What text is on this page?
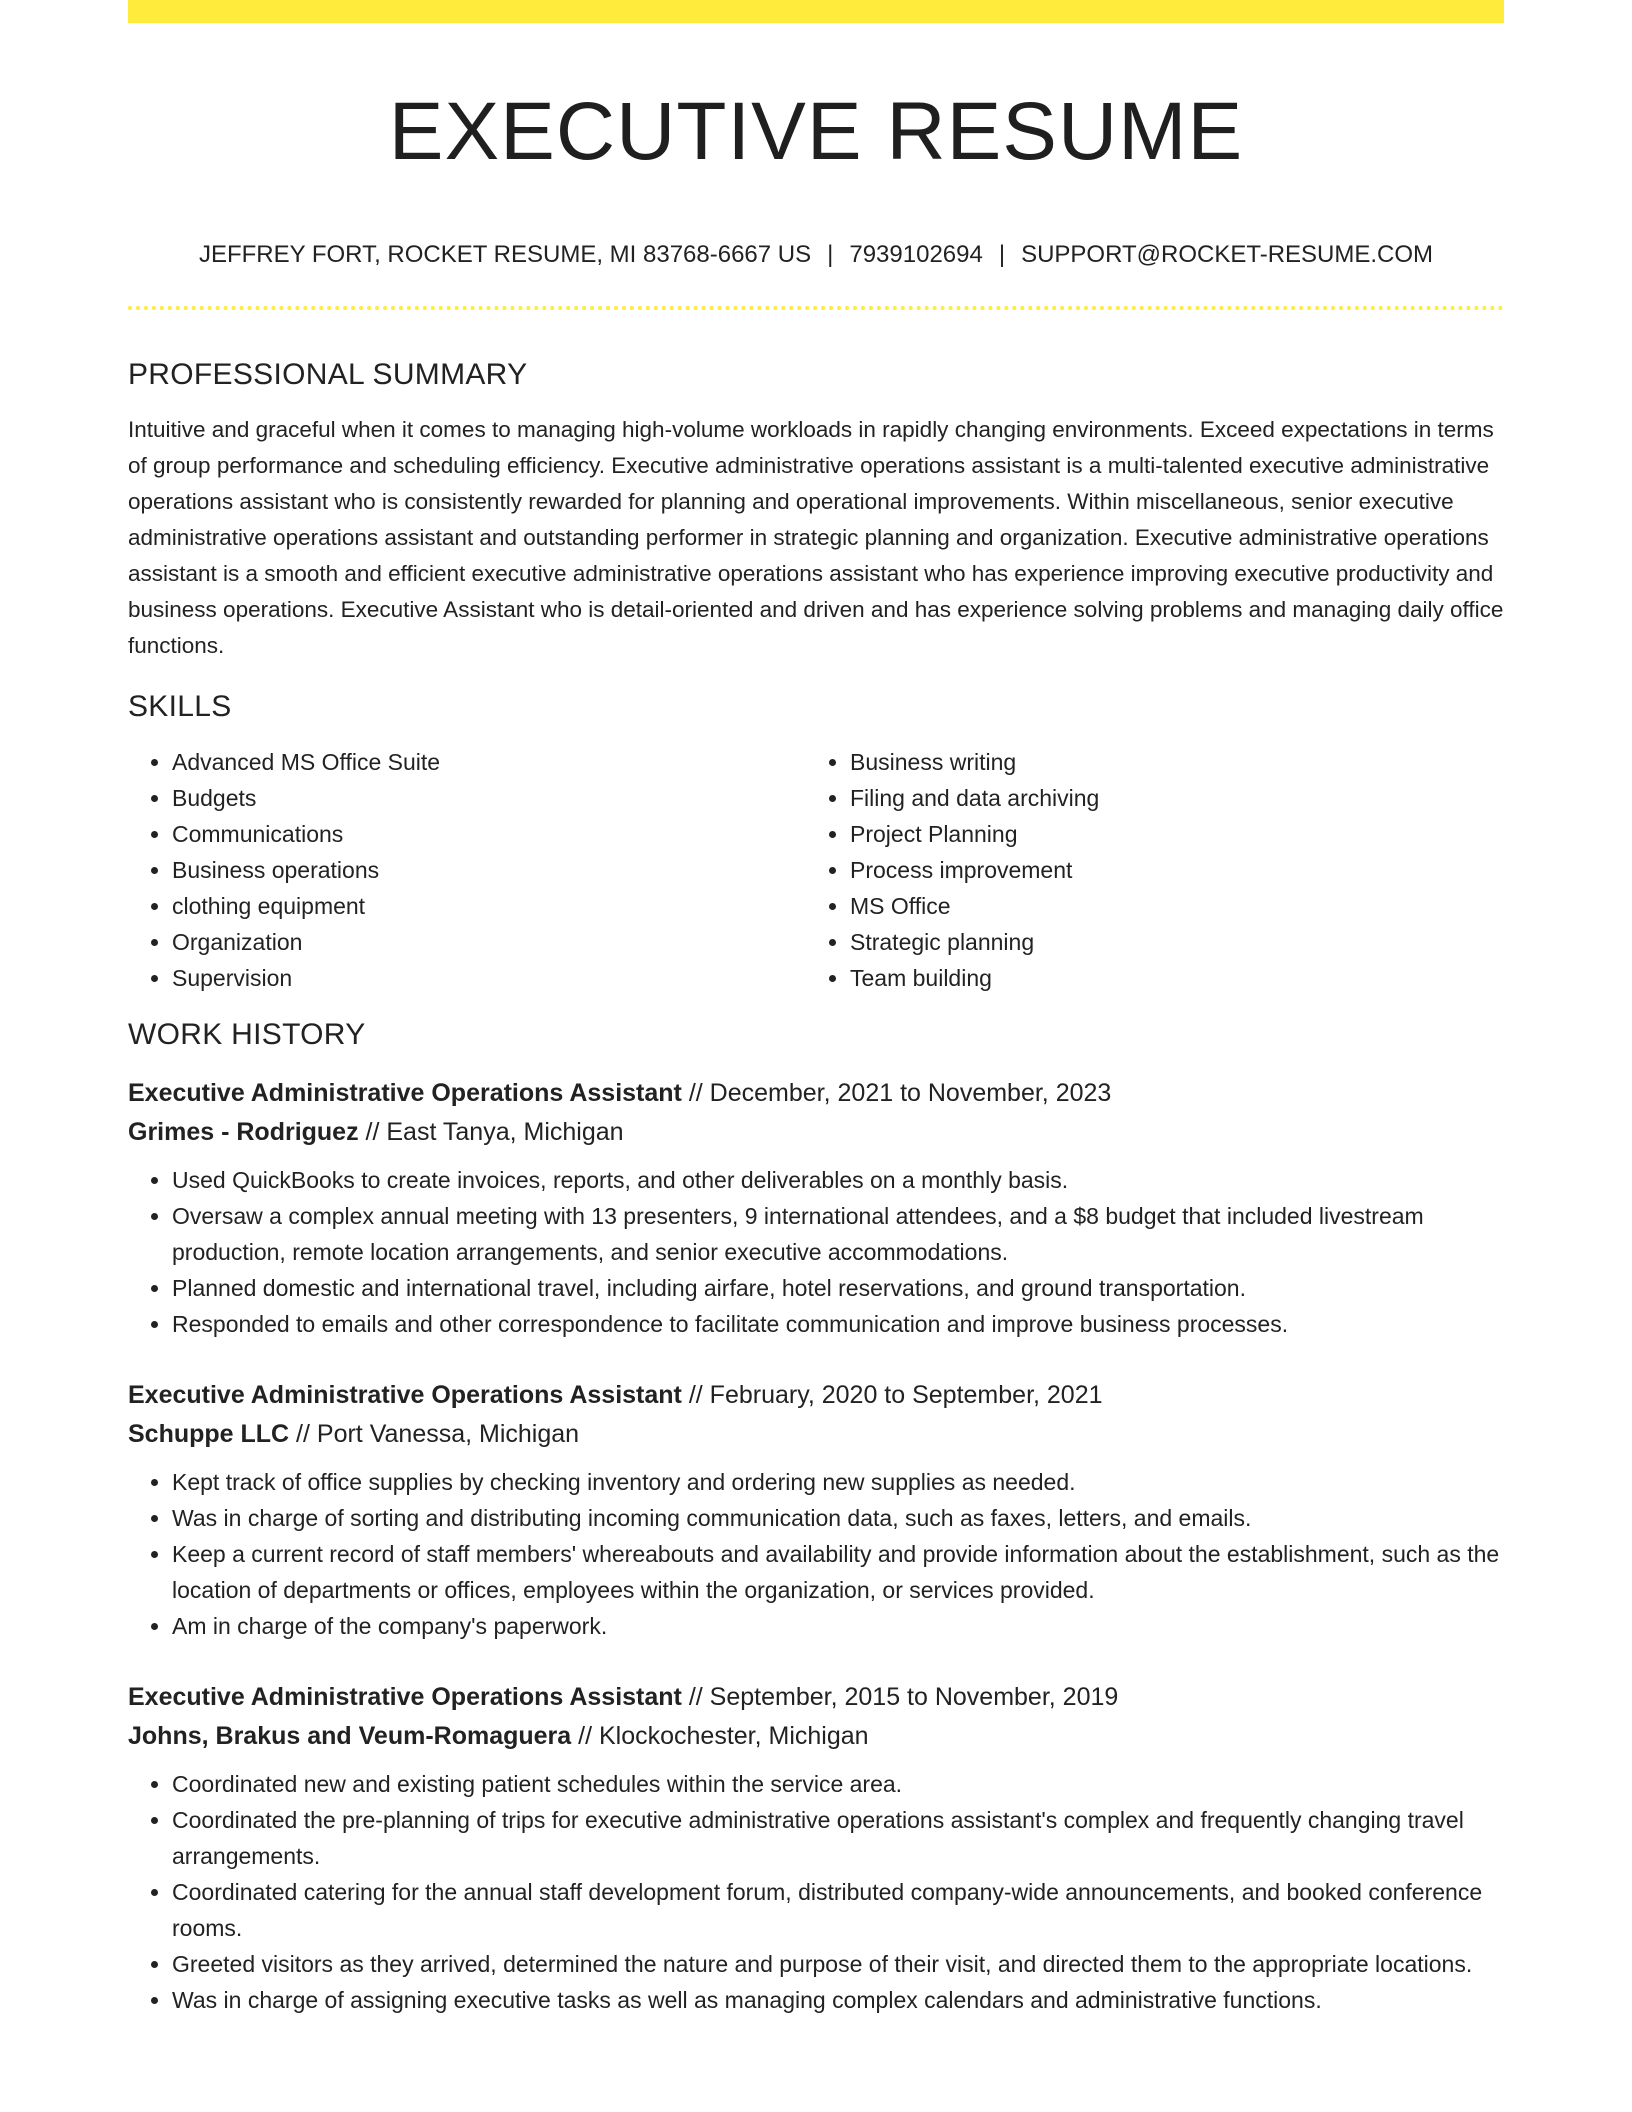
EXECUTIVE RESUME
JEFFREY FORT, ROCKET RESUME, MI 83768-6667 US | 7939102694 | SUPPORT@ROCKET-RESUME.COM
PROFESSIONAL SUMMARY

Intuitive and graceful when it comes to managing high-volume workloads in rapidly changing environments. Exceed expectations in terms of group performance and scheduling efficiency. Executive administrative operations assistant is a multi-talented executive administrative operations assistant who is consistently rewarded for planning and operational improvements. Within miscellaneous, senior executive administrative operations assistant and outstanding performer in strategic planning and organization. Executive administrative operations assistant is a smooth and efficient executive administrative operations assistant who has experience improving executive productivity and business operations. Executive Assistant who is detail-oriented and driven and has experience solving problems and managing daily office functions.

SKILLS
• Advanced MS Office Suite
• Budgets
• Communications
• Business operations
• clothing equipment
• Organization
• Supervision
• Business writing
• Filing and data archiving
• Project Planning
• Process improvement
• MS Office
• Strategic planning
• Team building
WORK HISTORY
Executive Administrative Operations Assistant // December, 2021 to November, 2023
Grimes - Rodriguez // East Tanya, Michigan
• Used QuickBooks to create invoices, reports, and other deliverables on a monthly basis.
• Oversaw a complex annual meeting with 13 presenters, 9 international attendees, and a $8 budget that included livestream production, remote location arrangements, and senior executive accommodations.
• Planned domestic and international travel, including airfare, hotel reservations, and ground transportation.
• Responded to emails and other correspondence to facilitate communication and improve business processes.
Executive Administrative Operations Assistant // February, 2020 to September, 2021
Schuppe LLC // Port Vanessa, Michigan
• Kept track of office supplies by checking inventory and ordering new supplies as needed.
• Was in charge of sorting and distributing incoming communication data, such as faxes, letters, and emails.
• Keep a current record of staff members' whereabouts and availability and provide information about the establishment, such as the location of departments or offices, employees within the organization, or services provided.
• Am in charge of the company's paperwork.
Executive Administrative Operations Assistant // September, 2015 to November, 2019
Johns, Brakus and Veum-Romaguera // Klockochester, Michigan
• Coordinated new and existing patient schedules within the service area.
• Coordinated the pre-planning of trips for executive administrative operations assistant's complex and frequently changing travel arrangements.
• Coordinated catering for the annual staff development forum, distributed company-wide announcements, and booked conference rooms.
• Greeted visitors as they arrived, determined the nature and purpose of their visit, and directed them to the appropriate locations.
• Was in charge of assigning executive tasks as well as managing complex calendars and administrative functions.
